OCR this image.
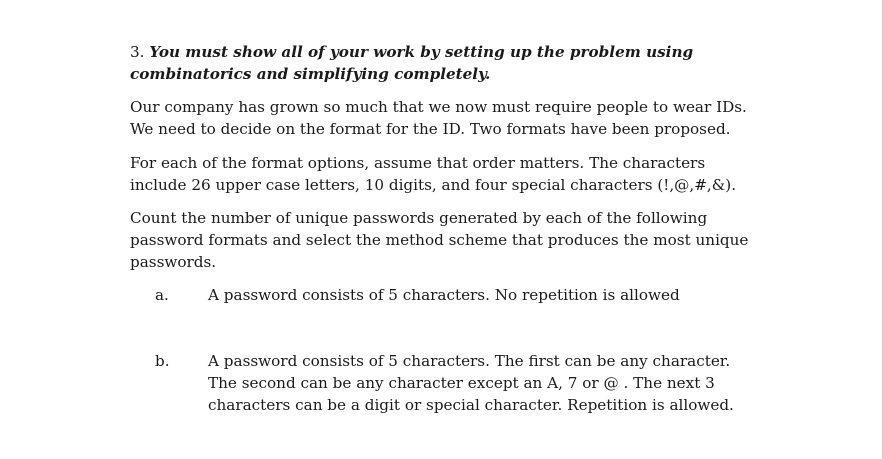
3. You must show all of your work by setting up the problem using combinatorics and simplifying completely.
Our company has grown so much that we now must require people to wear IDs. We need to decide on the format for the ID. Two formats have been proposed.
For each of the format options, assume that order matters. The characters include 26 upper case letters, 10 digits, and four special characters (!,@,#,&).
Count the number of unique passwords generated by each of the following password formats and select the method scheme that produces the most unique passwords.
a.	A password consists of 5 characters. No repetition is allowed
b.	A password consists of 5 characters. The first can be any character. The second can be any character except an A, 7 or @ . The next 3 characters can be a digit or special character. Repetition is allowed.
